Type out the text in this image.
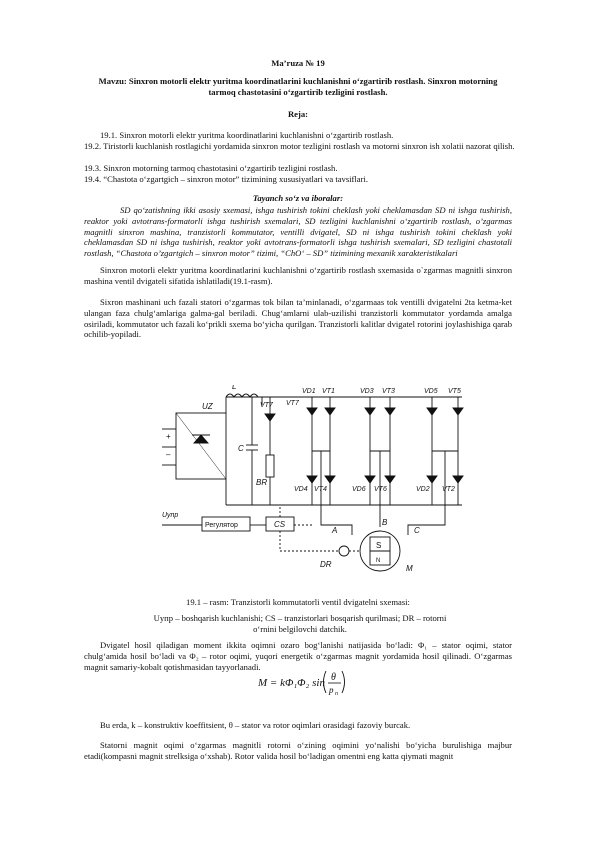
Ma’ruza № 19

Mavzu: Sinxron motorli elektr yuritma koordinatlarini kuchlanishni o‘zgartirib rostlash. Sinxron motorning tarmoq chastotasini o‘zgartirib tezligini rostlash.

Reja:

19.1. Sinxron motorli elektr yuritma koordinatlarini kuchlanishni o‘zgartirib rostlash.

19.2. Tiristorli kuchlanish rostlagichi yordamida sinxron motor tezligini rostlash va motorni sinxron ish xolatii nazorat qilish.

19.3. Sinxron motorning tarmoq chastotasini o‘zgartirib tezligini rostlash.

19.4. “Chastota o‘zgartgich – sinxron motor” tizimining xususiyatlari va tavsiflari.

Tayanch so‘z va iboralar:

SD qo‘zatishning ikki asosiy sxemasi, ishga tushirish tokini cheklash yoki cheklamasdan SD ni ishga tushirish, reaktor yoki avtotrans-formatorli ishga tushirish sxemalari, SD tezligini kuchlanishni o‘zgartirib rostlash, o’zgarmas magnitli sinxron mashina, tranzistorli kommutator, ventilli dvigatel, SD ni ishga tushirish tokini cheklash yoki cheklamasdan SD ni ishga tushirish, reaktor yoki avtotrans-formatorli ishga tushirish sxemalari, SD tezligini chastotali rostlash, “Chastota o’zgartgich – sinxron motor” tizimi, “ChO‘ – SD” tizimining mexanik xarakteristikalari

Sinxron motorli elektr yuritma koordinatlarini kuchlanishni o‘zgartirib rostlash sxemasida o`zgarmas magnitli sinxron mashina ventil dvigateli sifatida ishlatiladi(19.1-rasm).

Sixron mashinani uch fazali statori o‘zgarmas tok bilan ta’minlanadi, o‘zgarmaas tok ventilli dvigatelni 2ta ketma-ket ulangan faza chulg‘amlariga galma-gal beriladi. Chug‘amlarni ulab-uzilishi tranzistorli kommutator yordamda amalga osiriladi, kommutator uch fazali ko‘prikli sxema bo‘yicha qurilgan. Tranzistorli kalitlar dvigatel rotorini joylashishiga qarab ochilib-yopiladi.

UZ
+
–
L
C
BR
VT7 VT7
VD1 VT1	VD3 VT3	VD5 VT5
VD4 VT4	VD6 VT6	VD2 VT2
A
B
C
S
N
M
DR
Uупр
Регулятор	CS

19.1 – rasm: Tranzistorli kommutatorli ventil dvigatelni sxemasi:

Uупр – boshqarish kuchlanishi; CS – tranzistorlari bosqarish qurilmasi; DR – rotorni o‘rnini belgilovchi datchik.

Dvigatel hosil qiladigan moment ikkita oqimni ozaro bog‘lanishi natijasida bo‘ladi: Φ₁ – stator oqimi, stator chulg‘amida hosil bo‘ladi va Φ₂ – rotor oqimi, yuqori energetik o‘zgarmas magnit yordamida hosil qilinadi. O‘zgarmas magnit samariy-kobalt qotishmasidan tayyorlanadi.

M = kΦ₁Φ₂ sin θ
p n

Bu erda, k – konstruktiv koeffitsient, θ – stator va rotor oqimlari orasidagi fazoviy burcak.

Statorni magnit oqimi o‘zgarmas magnitli rotorni o‘zining oqimini yo‘nalishi bo‘yicha burulishiga majbur etadi(kompasni magnit strelksiga o‘xshab). Rotor valida hosil bo‘ladigan omentni eng katta qiymati magnit
